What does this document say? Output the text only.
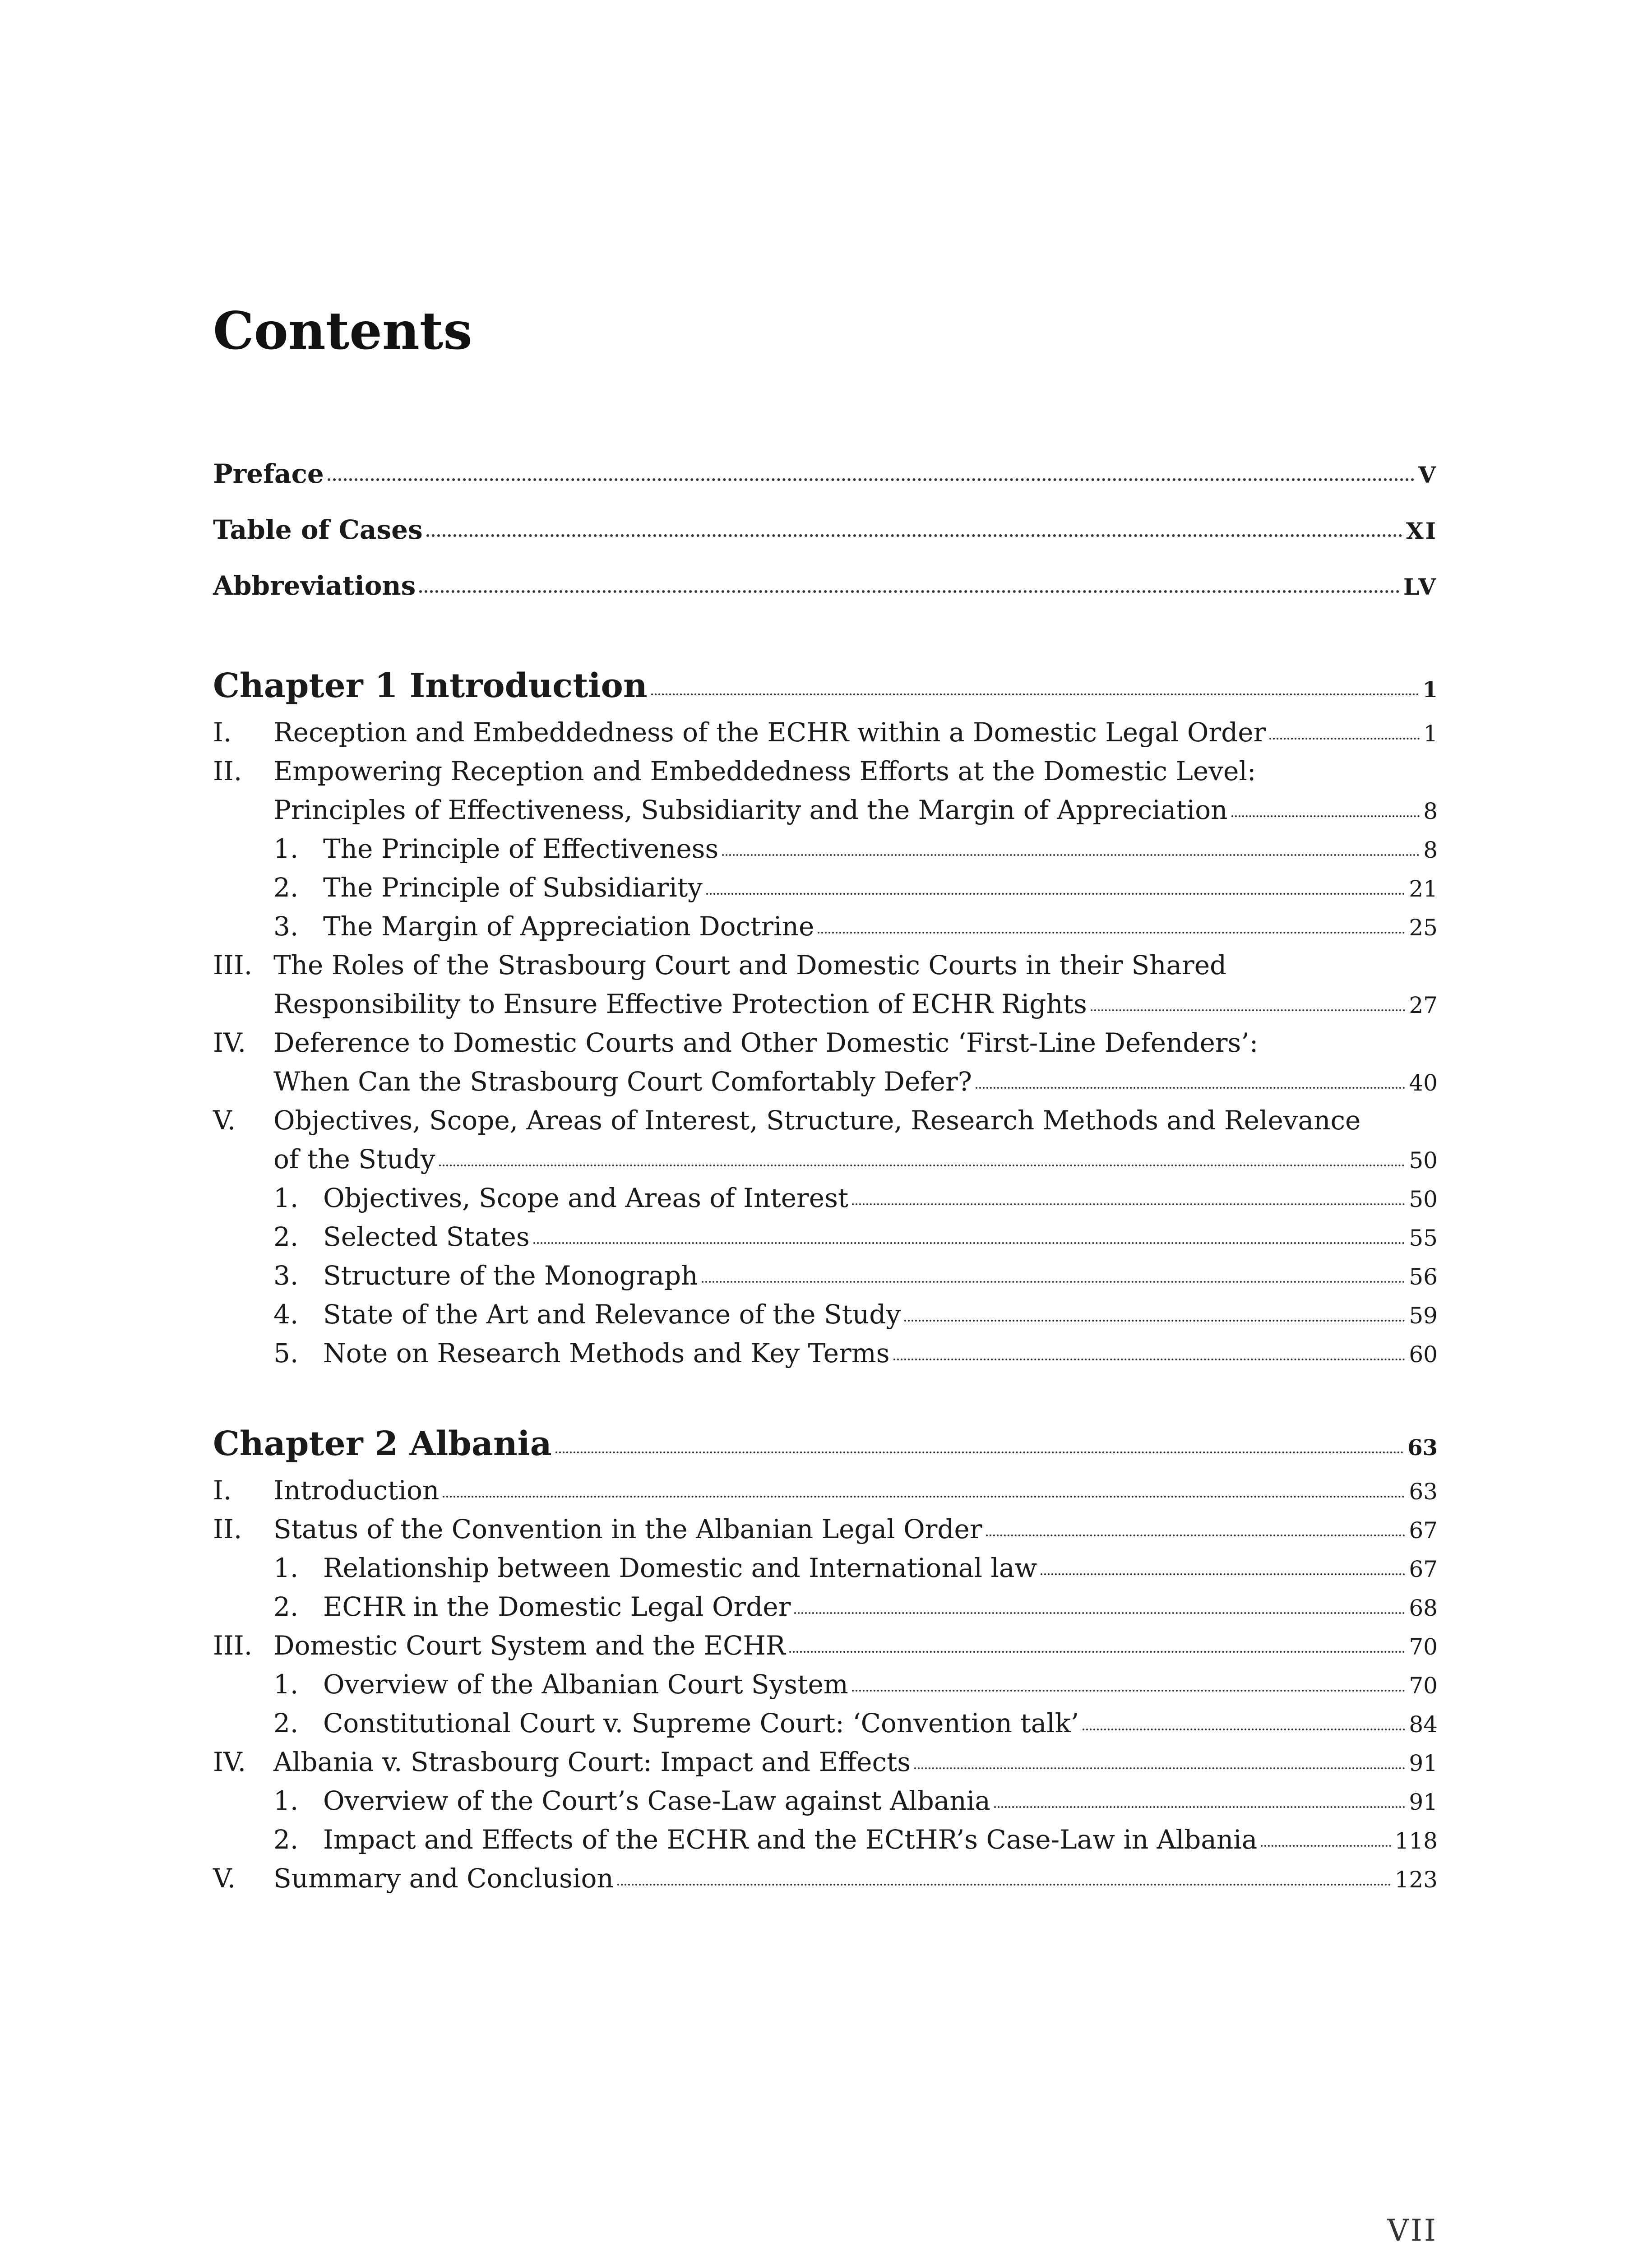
Contents
Preface	V
Table of Cases	XI
Abbreviations	LV
Chapter 1 Introduction	1
I.	Reception and Embeddedness of the ECHR within a Domestic Legal Order	1
II.	Empowering Reception and Embeddedness Efforts at the Domestic Level:
Principles of Effectiveness, Subsidiarity and the Margin of Appreciation	8
1. The Principle of Effectiveness	8
2. The Principle of Subsidiarity	21
3. The Margin of Appreciation Doctrine	25
III. The Roles of the Strasbourg Court and Domestic Courts in their Shared
Responsibility to Ensure Effective Protection of ECHR Rights	27
IV.	Deference to Domestic Courts and Other Domestic ‘First-Line Defenders’:
When Can the Strasbourg Court Comfortably Defer?	40
V.	Objectives, Scope, Areas of Interest, Structure, Research Methods and Relevance
of the Study	50
1. Objectives, Scope and Areas of Interest	50
2. Selected States	55
3. Structure of the Monograph	56
4. State of the Art and Relevance of the Study	59
5. Note on Research Methods and Key Terms	60
Chapter 2 Albania	63
I.	Introduction	63
II.	Status of the Convention in the Albanian Legal Order	67
1. Relationship between Domestic and International law	67
2. ECHR in the Domestic Legal Order	68
III. Domestic Court System and the ECHR	70
1. Overview of the Albanian Court System	70
2. Constitutional Court v. Supreme Court: ‘Convention talk’	84
IV.	Albania v. Strasbourg Court: Impact and Effects	91
1. Overview of the Court’s Case-Law against Albania	91
2. Impact and Effects of the ECHR and the ECtHR’s Case-Law in Albania	118
V.	Summary and Conclusion	123
VII
